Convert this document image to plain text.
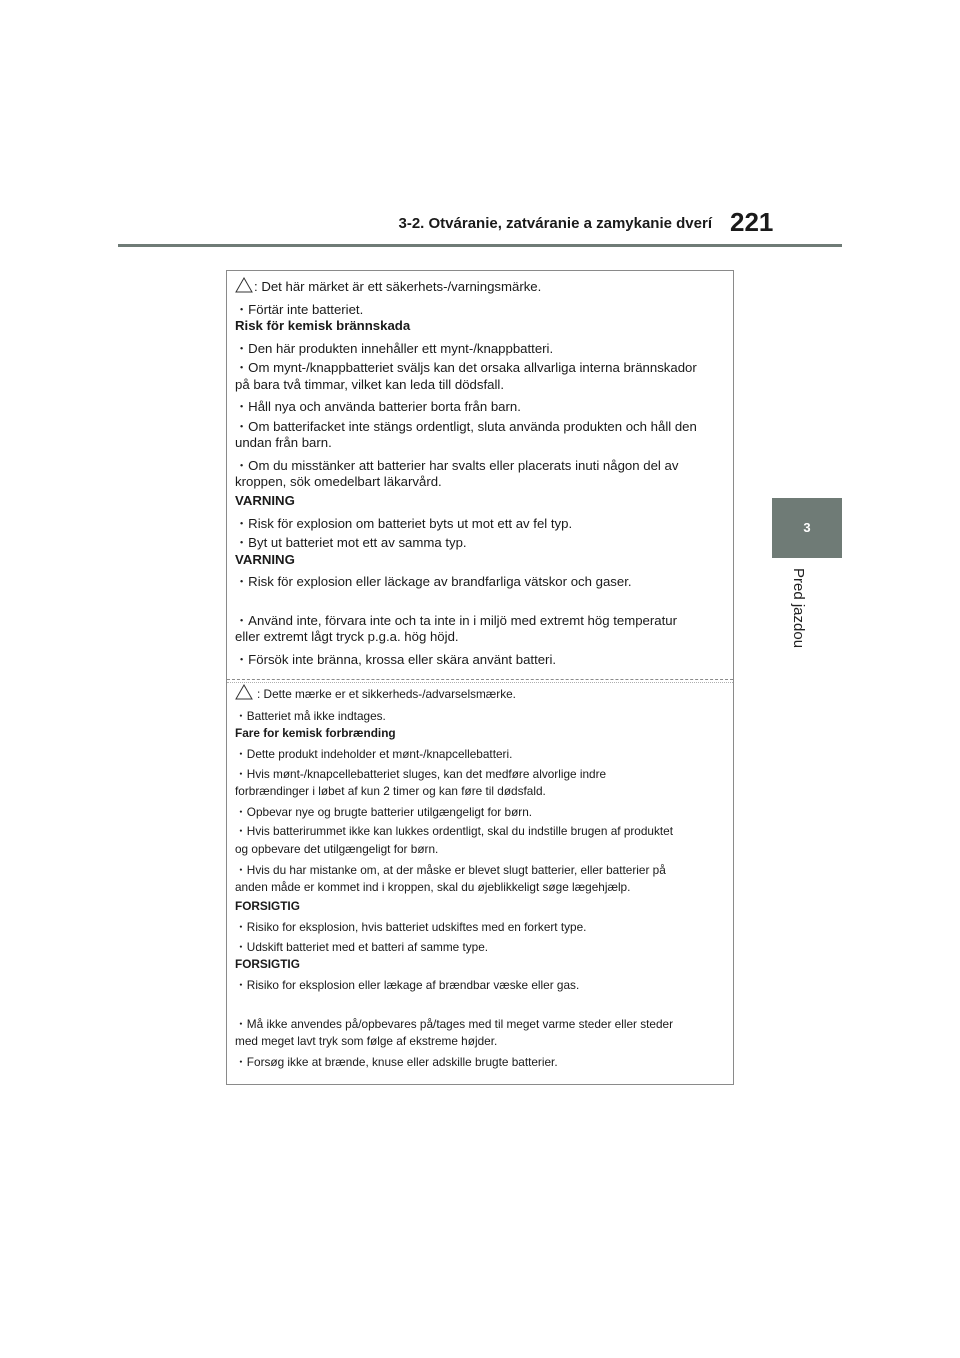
3-2. Otváranie, zatváranie a zamykanie dverí 221
3
Pred jazdou
: Det här märket är ett säkerhets-/varningsmärke.
・Förtär inte batteriet.
Risk för kemisk brännskada
・Den här produkten innehåller ett mynt-/knappbatteri.
・Om mynt-/knappbatteriet sväljs kan det orsaka allvarliga interna brännskador
på bara två timmar, vilket kan leda till dödsfall.
・Håll nya och använda batterier borta från barn.
・Om batterifacket inte stängs ordentligt, sluta använda produkten och håll den
undan från barn.
・Om du misstänker att batterier har svalts eller placerats inuti någon del av
kroppen, sök omedelbart läkarvård.
VARNING
・Risk för explosion om batteriet byts ut mot ett av fel typ.
・Byt ut batteriet mot ett av samma typ.
VARNING
・Risk för explosion eller läckage av brandfarliga vätskor och gaser.
・Använd inte, förvara inte och ta inte in i miljö med extremt hög temperatur
eller extremt lågt tryck p.g.a. hög höjd.
・Försök inte bränna, krossa eller skära använt batteri.
: Dette mærke er et sikkerheds-/advarselsmærke.
・Batteriet må ikke indtages.
Fare for kemisk forbrænding
・Dette produkt indeholder et mønt-/knapcellebatteri.
・Hvis mønt-/knapcellebatteriet sluges, kan det medføre alvorlige indre
forbrændinger i løbet af kun 2 timer og kan føre til dødsfald.
・Opbevar nye og brugte batterier utilgængeligt for børn.
・Hvis batterirummet ikke kan lukkes ordentligt, skal du indstille brugen af produktet
og opbevare det utilgængeligt for børn.
・Hvis du har mistanke om, at der måske er blevet slugt batterier, eller batterier på
anden måde er kommet ind i kroppen, skal du øjeblikkeligt søge lægehjælp.
FORSIGTIG
・Risiko for eksplosion, hvis batteriet udskiftes med en forkert type.
・Udskift batteriet med et batteri af samme type.
FORSIGTIG
・Risiko for eksplosion eller lækage af brændbar væske eller gas.
・Må ikke anvendes på/opbevares på/tages med til meget varme steder eller steder
med meget lavt tryk som følge af ekstreme højder.
・Forsøg ikke at brænde, knuse eller adskille brugte batterier.
